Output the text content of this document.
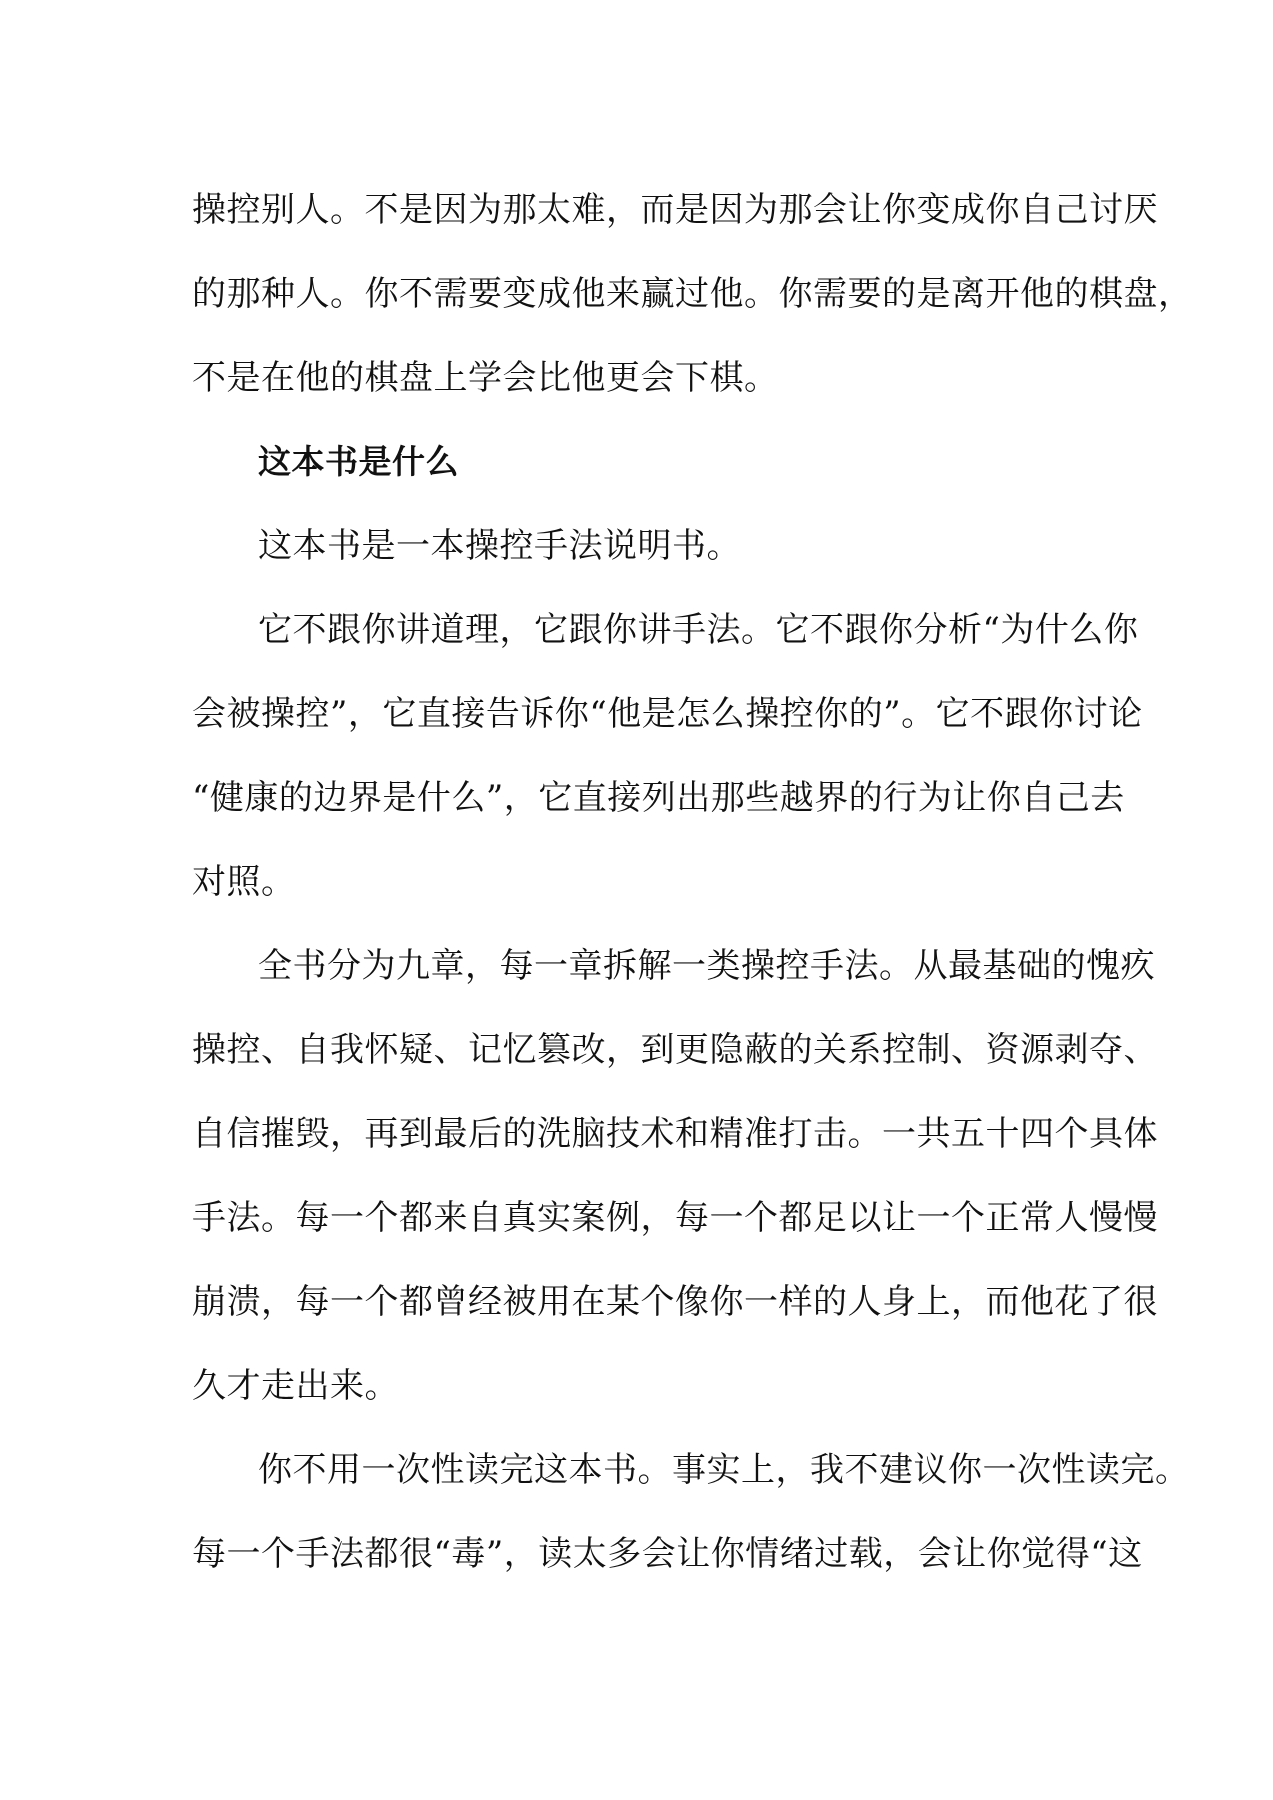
操控别人。不是因为那太难，而是因为那会让你变成你自己讨厌
的那种人。你不需要变成他来赢过他。你需要的是离开他的棋盘，
不是在他的棋盘上学会比他更会下棋。
这本书是什么
这本书是一本操控手法说明书。
它不跟你讲道理，它跟你讲手法。它不跟你分析“为什么你
会被操控”，它直接告诉你“他是怎么操控你的”。它不跟你讨论
“健康的边界是什么”，它直接列出那些越界的行为让你自己去
对照。
全书分为九章，每一章拆解一类操控手法。从最基础的愧疚
操控、自我怀疑、记忆篡改，到更隐蔽的关系控制、资源剥夺、
自信摧毁，再到最后的洗脑技术和精准打击。一共五十四个具体
手法。每一个都来自真实案例，每一个都足以让一个正常人慢慢
崩溃，每一个都曾经被用在某个像你一样的人身上，而他花了很
久才走出来。
你不用一次性读完这本书。事实上，我不建议你一次性读完。
每一个手法都很“毒”，读太多会让你情绪过载，会让你觉得“这
